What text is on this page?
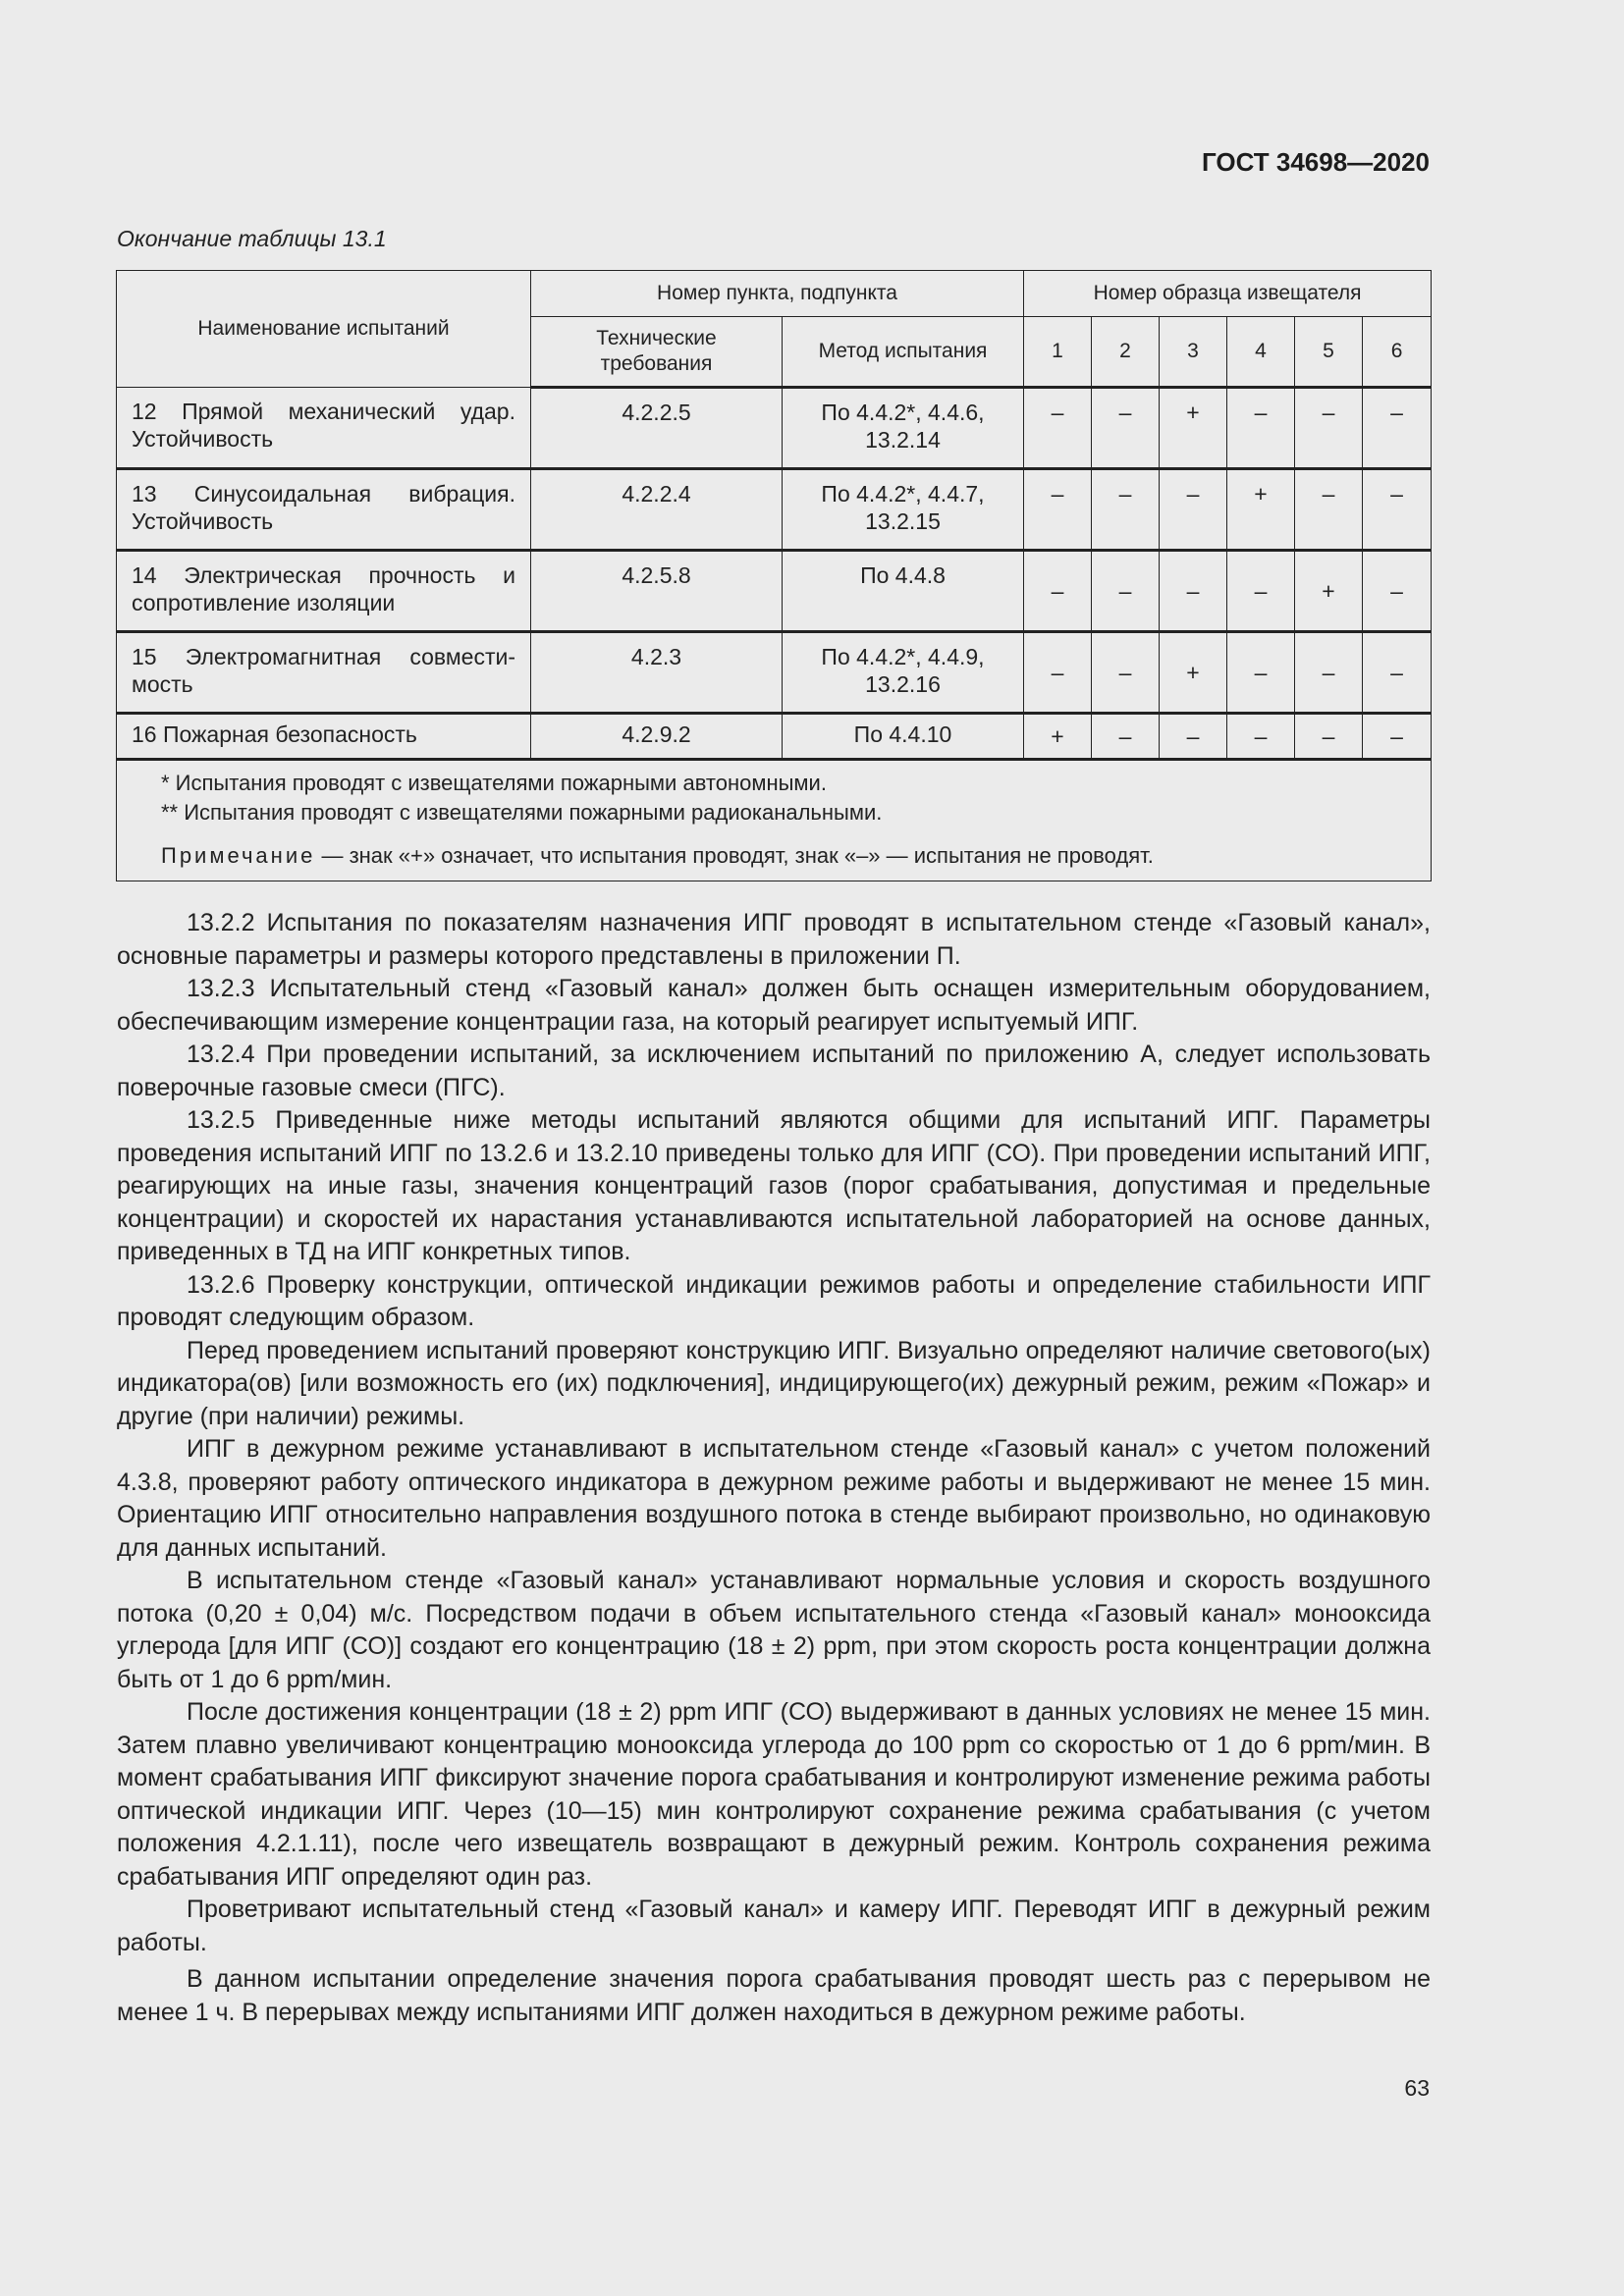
ГОСТ 34698—2020
Окончание таблицы 13.1
Наименование испытаний	Номер пункта, подпункта		Номер образца извещателя					
	Технические требования	Метод испытания	1	2	3	4	5	6
12 Прямой механический удар. Устойчивость	4.2.2.5	По 4.4.2*, 4.4.6, 13.2.14	–	–	+	–	–	–
13 Синусоидальная вибрация. Устойчивость	4.2.2.4	По 4.4.2*, 4.4.7, 13.2.15	–	–	–	+	–	–
14 Электрическая прочность и сопротивление изоляции	4.2.5.8	По 4.4.8	–	–	–	–	+	–
15 Электромагнитная совмести-мость	4.2.3	По 4.4.2*, 4.4.9, 13.2.16	–	–	+	–	–	–
16 Пожарная безопасность	4.2.9.2	По 4.4.10	+	–	–	–	–	–

* Испытания проводят с извещателями пожарными автономными.
** Испытания проводят с извещателями пожарными радиоканальными.
Примечание — знак «+» означает, что испытания проводят, знак «–» — испытания не проводят.								

13.2.2 Испытания по показателям назначения ИПГ проводят в испытательном стенде «Газовый канал», основные параметры и размеры которого представлены в приложении П.

13.2.3 Испытательный стенд «Газовый канал» должен быть оснащен измерительным оборудованием, обеспечивающим измерение концентрации газа, на который реагирует испытуемый ИПГ.

13.2.4 При проведении испытаний, за исключением испытаний по приложению А, следует использовать поверочные газовые смеси (ПГС).

13.2.5 Приведенные ниже методы испытаний являются общими для испытаний ИПГ. Параметры проведения испытаний ИПГ по 13.2.6 и 13.2.10 приведены только для ИПГ (СО). При проведении испытаний ИПГ, реагирующих на иные газы, значения концентраций газов (порог срабатывания, допустимая и предельные концентрации) и скоростей их нарастания устанавливаются испытательной лабораторией на основе данных, приведенных в ТД на ИПГ конкретных типов.

13.2.6 Проверку конструкции, оптической индикации режимов работы и определение стабильности ИПГ проводят следующим образом.

Перед проведением испытаний проверяют конструкцию ИПГ. Визуально определяют наличие светового(ых) индикатора(ов) [или возможность его (их) подключения], индицирующего(их) дежурный режим, режим «Пожар» и другие (при наличии) режимы.

ИПГ в дежурном режиме устанавливают в испытательном стенде «Газовый канал» с учетом положений 4.3.8, проверяют работу оптического индикатора в дежурном режиме работы и выдерживают не менее 15 мин. Ориентацию ИПГ относительно направления воздушного потока в стенде выбирают произвольно, но одинаковую для данных испытаний.

В испытательном стенде «Газовый канал» устанавливают нормальные условия и скорость воздушного потока (0,20 ± 0,04) м/с. Посредством подачи в объем испытательного стенда «Газовый канал» монооксида углерода [для ИПГ (СО)] создают его концентрацию (18 ± 2) ppm, при этом скорость роста концентрации должна быть от 1 до 6 ppm/мин.

После достижения концентрации (18 ± 2) ppm ИПГ (СО) выдерживают в данных условиях не менее 15 мин. Затем плавно увеличивают концентрацию монооксида углерода до 100 ppm со скоростью от 1 до 6 ppm/мин. В момент срабатывания ИПГ фиксируют значение порога срабатывания и контролируют изменение режима работы оптической индикации ИПГ. Через (10—15) мин контролируют сохранение режима срабатывания (с учетом положения 4.2.1.11), после чего извещатель возвращают в дежурный режим. Контроль сохранения режима срабатывания ИПГ определяют один раз.

Проветривают испытательный стенд «Газовый канал» и камеру ИПГ. Переводят ИПГ в дежурный режим работы.

В данном испытании определение значения порога срабатывания проводят шесть раз с перерывом не менее 1 ч. В перерывах между испытаниями ИПГ должен находиться в дежурном режиме работы.

63
